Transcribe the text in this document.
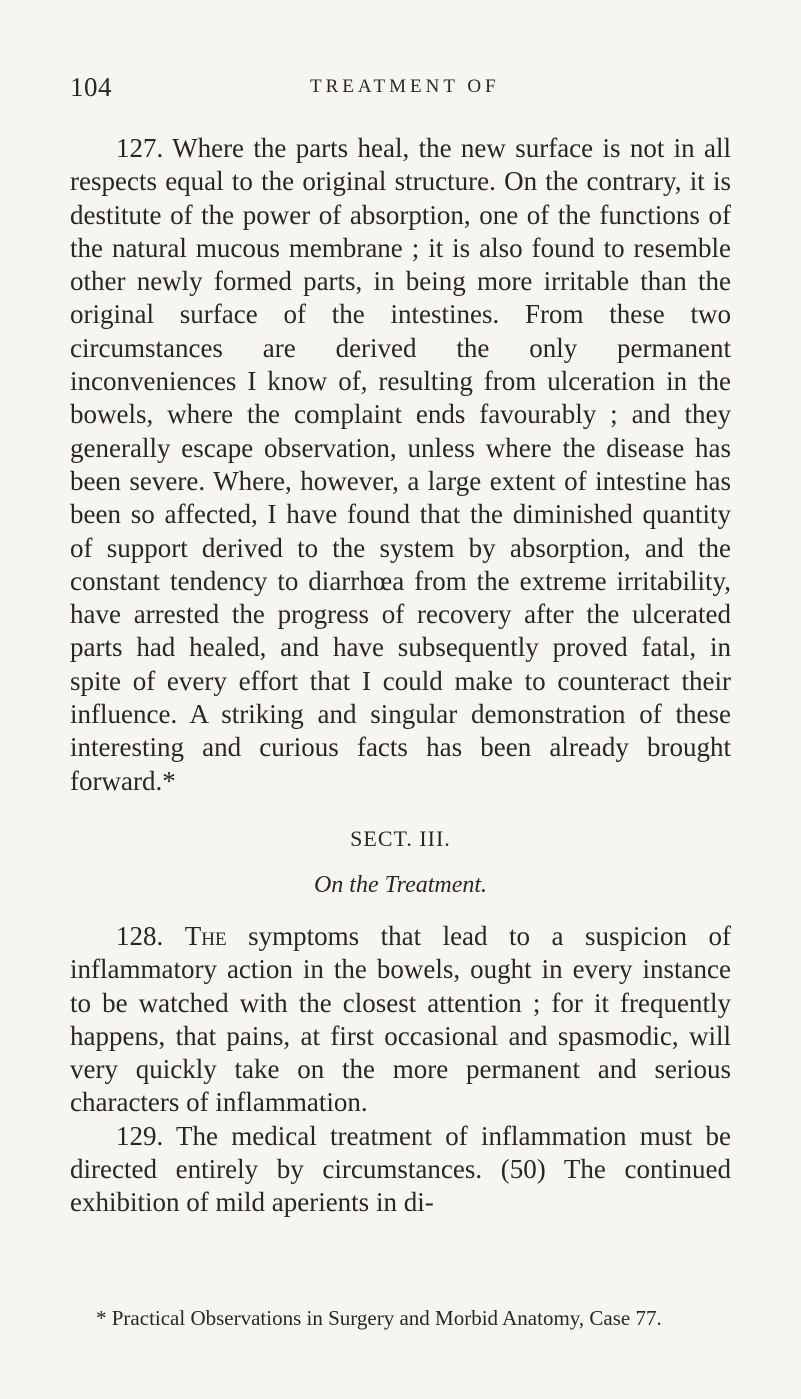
104	TREATMENT OF

127. Where the parts heal, the new surface is not in all respects equal to the original structure. On the contrary, it is destitute of the power of absorption, one of the functions of the natural mucous membrane ; it is also found to resemble other newly formed parts, in being more irritable than the original surface of the intestines. From these two circumstances are derived the only permanent inconveniences I know of, resulting from ulceration in the bowels, where the complaint ends favourably ; and they generally escape observation, unless where the disease has been severe. Where, however, a large extent of intestine has been so affected, I have found that the diminished quantity of support derived to the system by absorption, and the constant tendency to diarrhœa from the extreme irritability, have arrested the progress of recovery after the ulcerated parts had healed, and have subsequently proved fatal, in spite of every effort that I could make to counteract their influence. A striking and singular demonstration of these interesting and curious facts has been already brought forward.*

SECT. III.
On the Treatment.

128. The symptoms that lead to a suspicion of inflammatory action in the bowels, ought in every instance to be watched with the closest attention ; for it frequently happens, that pains, at first occasional and spasmodic, will very quickly take on the more permanent and serious characters of inflammation.

129. The medical treatment of inflammation must be directed entirely by circumstances. (50) The continued exhibition of mild aperients in di-

* Practical Observations in Surgery and Morbid Anatomy, Case 77.
